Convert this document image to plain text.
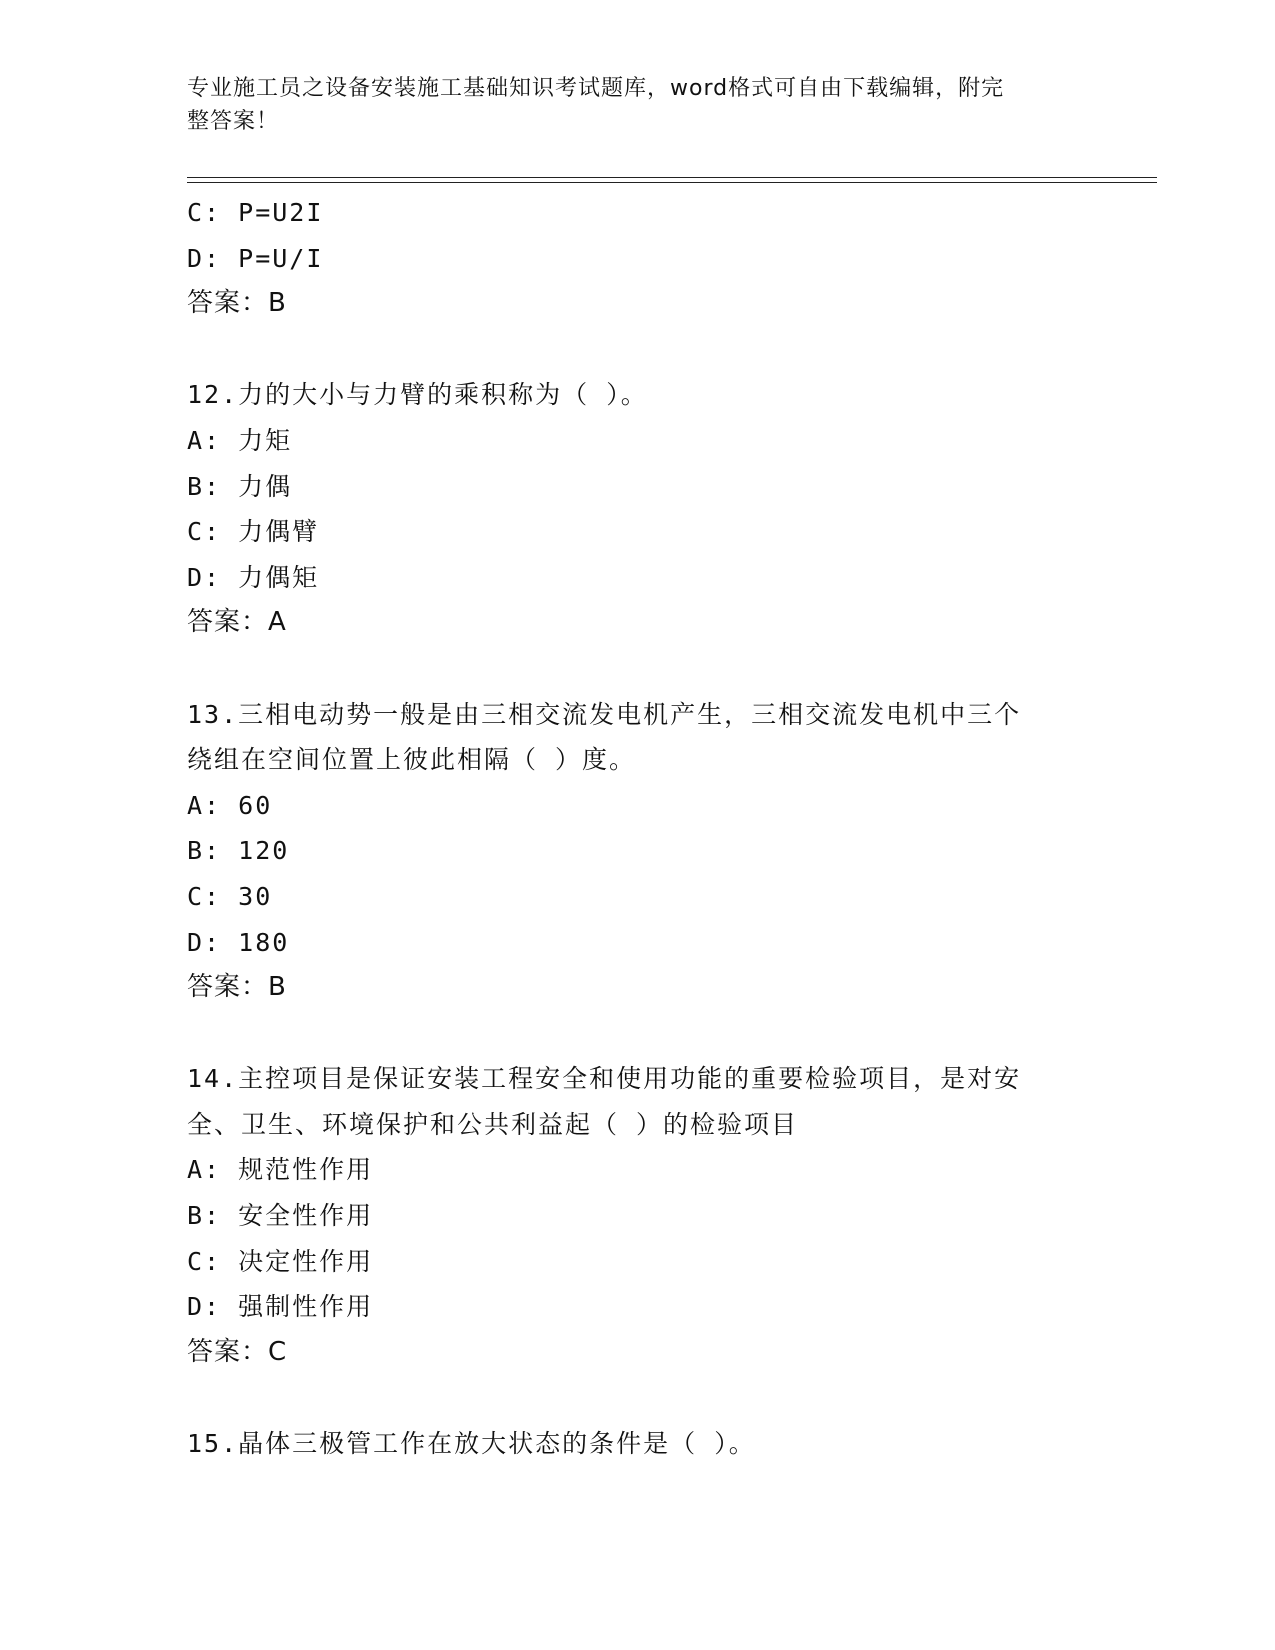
专业施工员之设备安装施工基础知识考试题库，word格式可自由下载编辑，附完
整答案！
C: P=U2I
D: P=U/I
答案：B
12.力的大小与力臂的乘积称为（ ）。
A: 力矩
B: 力偶
C: 力偶臂
D: 力偶矩
答案：A
13.三相电动势一般是由三相交流发电机产生，三相交流发电机中三个
绕组在空间位置上彼此相隔（ ）度。
A: 60
B: 120
C: 30
D: 180
答案：B
14.主控项目是保证安装工程安全和使用功能的重要检验项目，是对安
全、卫生、环境保护和公共利益起（ ）的检验项目
A: 规范性作用
B: 安全性作用
C: 决定性作用
D: 强制性作用
答案：C
15.晶体三极管工作在放大状态的条件是（ ）。
